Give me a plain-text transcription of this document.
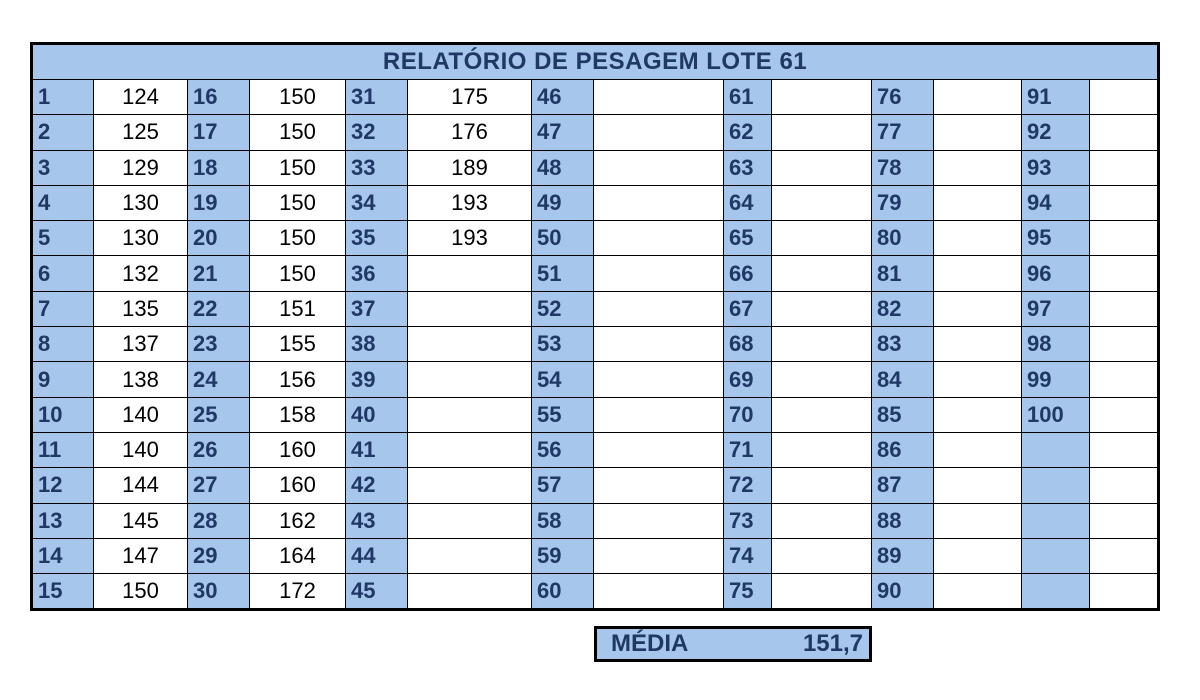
RELATÓRIO DE PESAGEM LOTE 61													
1	124	16	150	31	175	46		61		76		91	
2	125	17	150	32	176	47		62		77		92	
3	129	18	150	33	189	48		63		78		93	
4	130	19	150	34	193	49		64		79		94	
5	130	20	150	35	193	50		65		80		95	
6	132	21	150	36		51		66		81		96	
7	135	22	151	37		52		67		82		97	
8	137	23	155	38		53		68		83		98	
9	138	24	156	39		54		69		84		99	
10	140	25	158	40		55		70		85		100	
11	140	26	160	41		56		71		86			
12	144	27	160	42		57		72		87			
13	145	28	162	43		58		73		88			
14	147	29	164	44		59		74		89			
15	150	30	172	45		60		75		90			
MÉDIA	151,7
